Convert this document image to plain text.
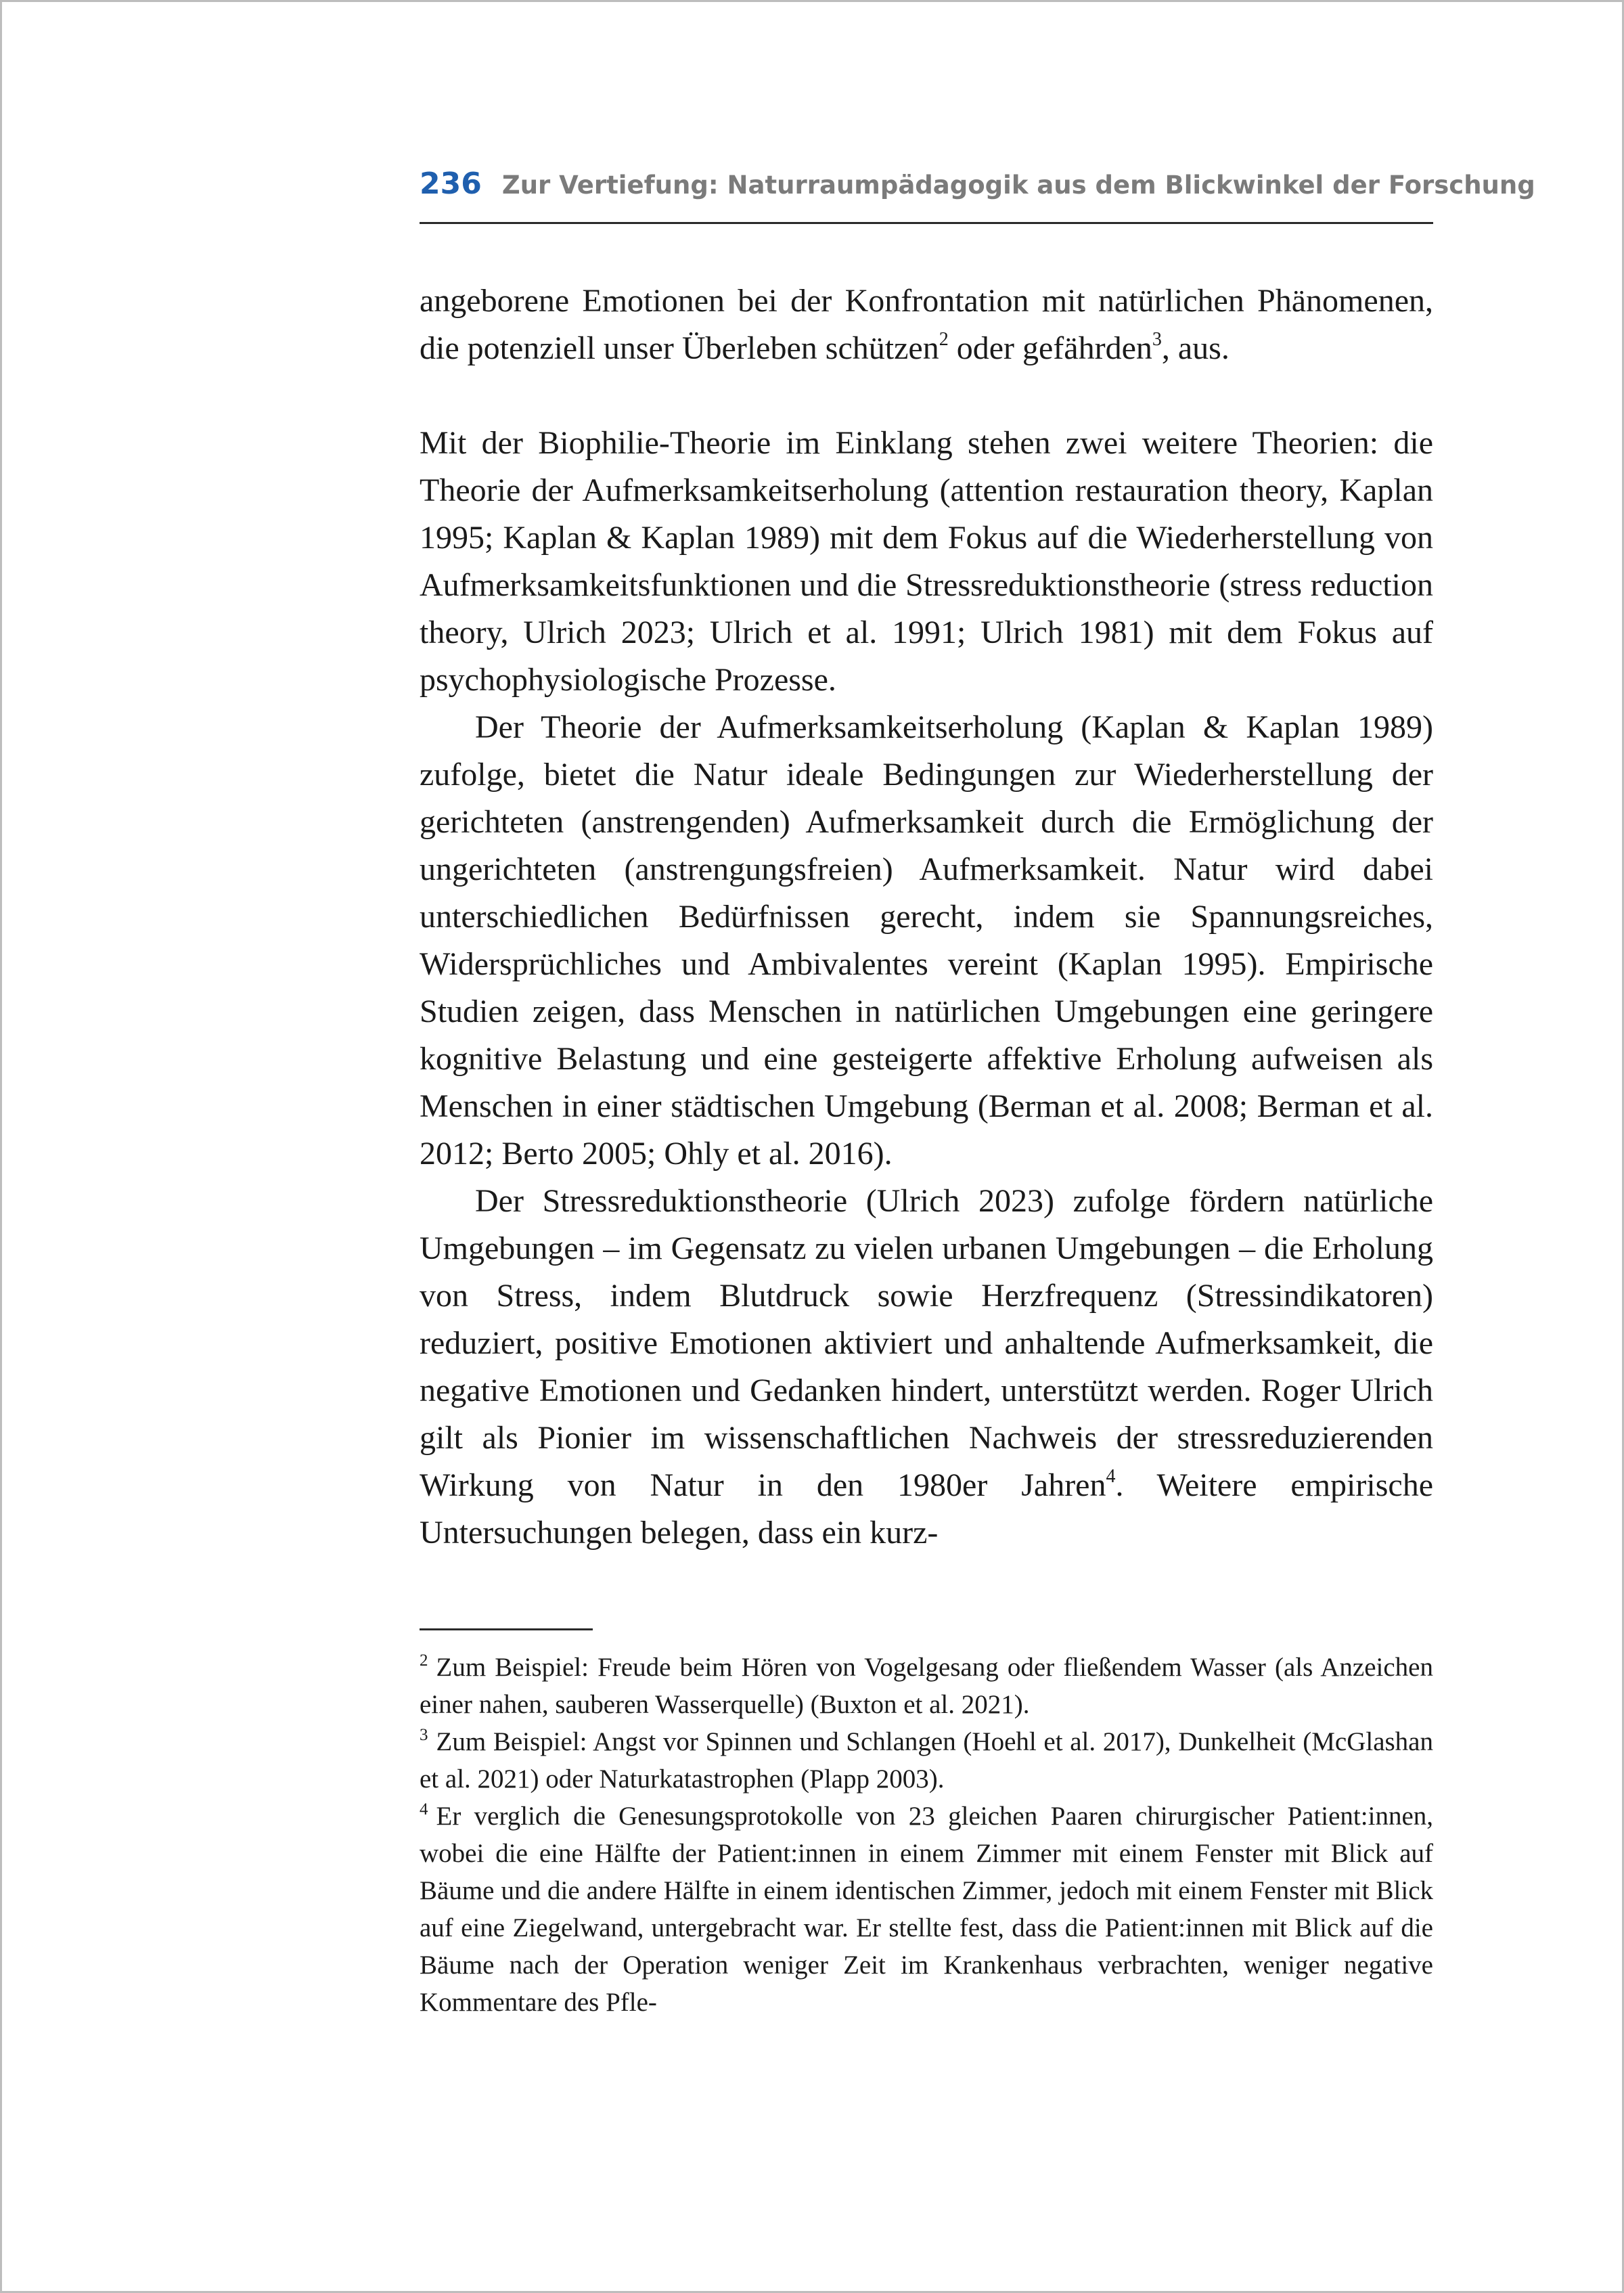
236 Zur Vertiefung: Naturraumpädagogik aus dem Blickwinkel der Forschung

angeborene Emotionen bei der Konfrontation mit natürlichen Phänomenen, die potenziell unser Überleben schützen$^2$ oder gefährden$^3$, aus.

Mit der Biophilie-Theorie im Einklang stehen zwei weitere Theorien: die Theorie der Aufmerksamkeitserholung (attention restauration theory, Kaplan 1995; Kaplan & Kaplan 1989) mit dem Fokus auf die Wiederherstellung von Aufmerksamkeitsfunktionen und die Stressreduktionstheorie (stress reduction theory, Ulrich 2023; Ulrich et al. 1991; Ulrich 1981) mit dem Fokus auf psychophysiologische Prozesse.

Der Theorie der Aufmerksamkeitserholung (Kaplan & Kaplan 1989) zufolge, bietet die Natur ideale Bedingungen zur Wiederherstellung der gerichteten (anstrengenden) Aufmerksamkeit durch die Ermöglichung der ungerichteten (anstrengungsfreien) Aufmerksamkeit. Natur wird dabei unterschiedlichen Bedürfnissen gerecht, indem sie Spannungsreiches, Widersprüchliches und Ambivalentes vereint (Kaplan 1995). Empirische Studien zeigen, dass Menschen in natürlichen Umgebungen eine geringere kognitive Belastung und eine gesteigerte affektive Erholung aufweisen als Menschen in einer städtischen Umgebung (Berman et al. 2008; Berman et al. 2012; Berto 2005; Ohly et al. 2016).

Der Stressreduktionstheorie (Ulrich 2023) zufolge fördern natürliche Umgebungen – im Gegensatz zu vielen urbanen Umgebungen – die Erholung von Stress, indem Blutdruck sowie Herzfrequenz (Stressindikatoren) reduziert, positive Emotionen aktiviert und anhaltende Aufmerksamkeit, die negative Emotionen und Gedanken hindert, unterstützt werden. Roger Ulrich gilt als Pionier im wissenschaftlichen Nachweis der stressreduzierenden Wirkung von Natur in den 1980er Jahren$^4$. Weitere empirische Untersuchungen belegen, dass ein kurz-

$^2$ Zum Beispiel: Freude beim Hören von Vogelgesang oder fließendem Wasser (als Anzeichen einer nahen, sauberen Wasserquelle) (Buxton et al. 2021).

$^3$ Zum Beispiel: Angst vor Spinnen und Schlangen (Hoehl et al. 2017), Dunkelheit (McGlashan et al. 2021) oder Naturkatastrophen (Plapp 2003).

$^4$ Er verglich die Genesungsprotokolle von 23 gleichen Paaren chirurgischer Patient:innen, wobei die eine Hälfte der Patient:innen in einem Zimmer mit einem Fenster mit Blick auf Bäume und die andere Hälfte in einem identischen Zimmer, jedoch mit einem Fenster mit Blick auf eine Ziegelwand, untergebracht war. Er stellte fest, dass die Patient:innen mit Blick auf die Bäume nach der Operation weniger Zeit im Krankenhaus verbrachten, weniger negative Kommentare des Pfle-
